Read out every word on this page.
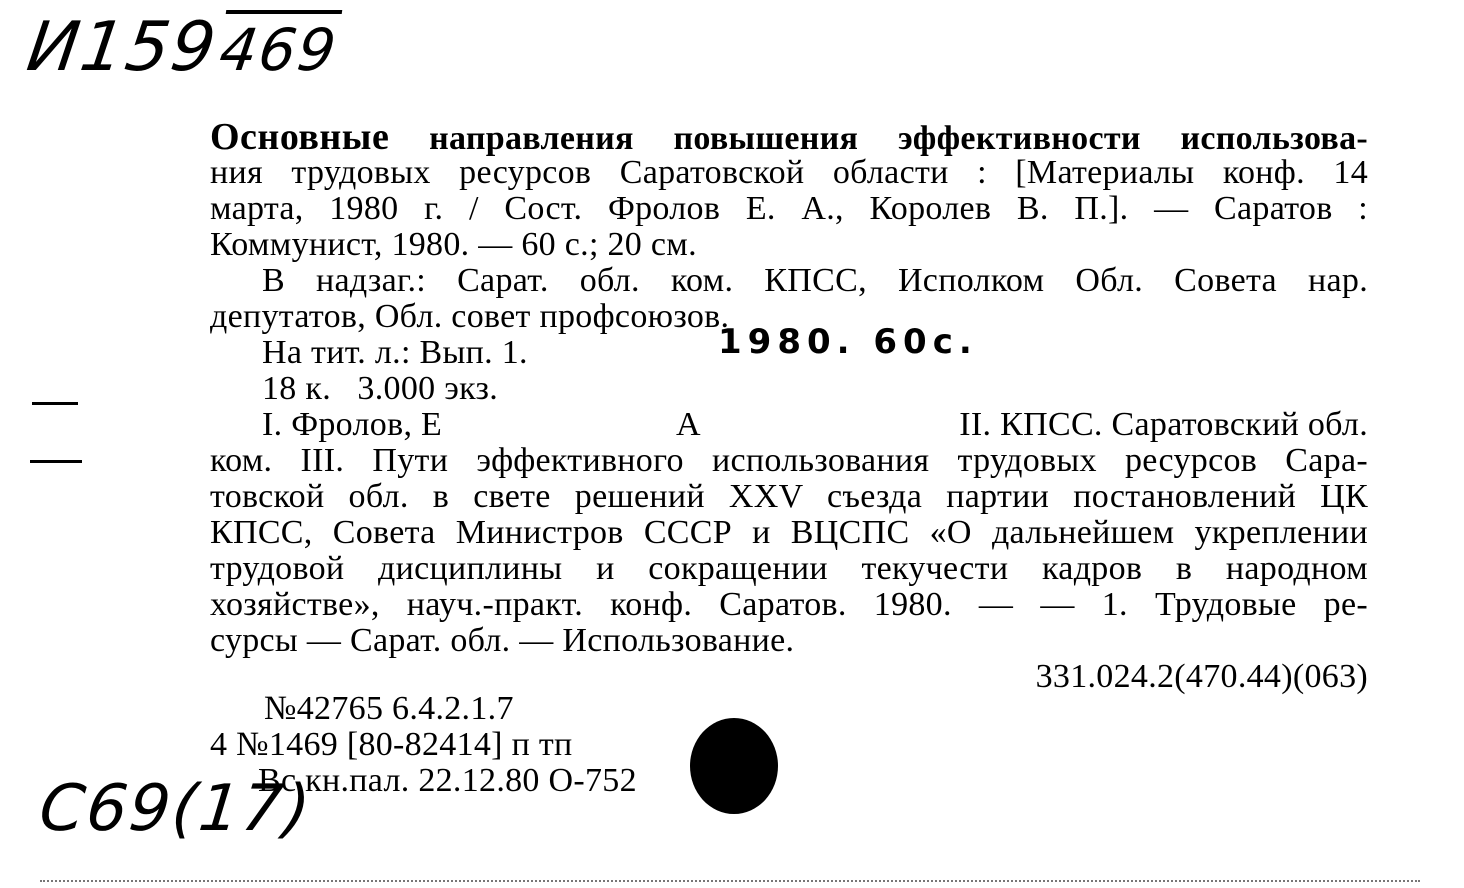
И159469
Основные направления повышения эффективности использова-
ния трудовых ресурсов Саратовской области : [Материалы конф. 14
марта, 1980 г. / Сост. Фролов Е. А., Королев В. П.]. — Саратов :
Коммунист, 1980. — 60 с.; 20 см.
В надзаг.: Сарат. обл. ком. КПСС, Исполком Обл. Совета нар.
депутатов, Обл. совет профсоюзов.
На тит. л.: Вып. 1.	1980. 60с.
18 к.   3.000 экз.
I. Фролов, Е	А	II. КПСС. Саратовский обл.
ком. III. Пути эффективного использования трудовых ресурсов Сара-
товской обл. в свете решений XXV съезда партии постановлений ЦК
КПСС, Совета Министров СССР и ВЦСПС «О дальнейшем укреплении
трудовой дисциплины и сокращении текучести кадров в народном
хозяйстве», науч.-практ. конф. Саратов. 1980. — — 1. Трудовые ре-
сурсы — Сарат. обл. — Использование.
331.024.2(470.44)(063)
№42765 6.4.2.1.7
4 №1469 [80-82414] п тп
Вс.кн.пал. 22.12.80 О-752
С69(17)
